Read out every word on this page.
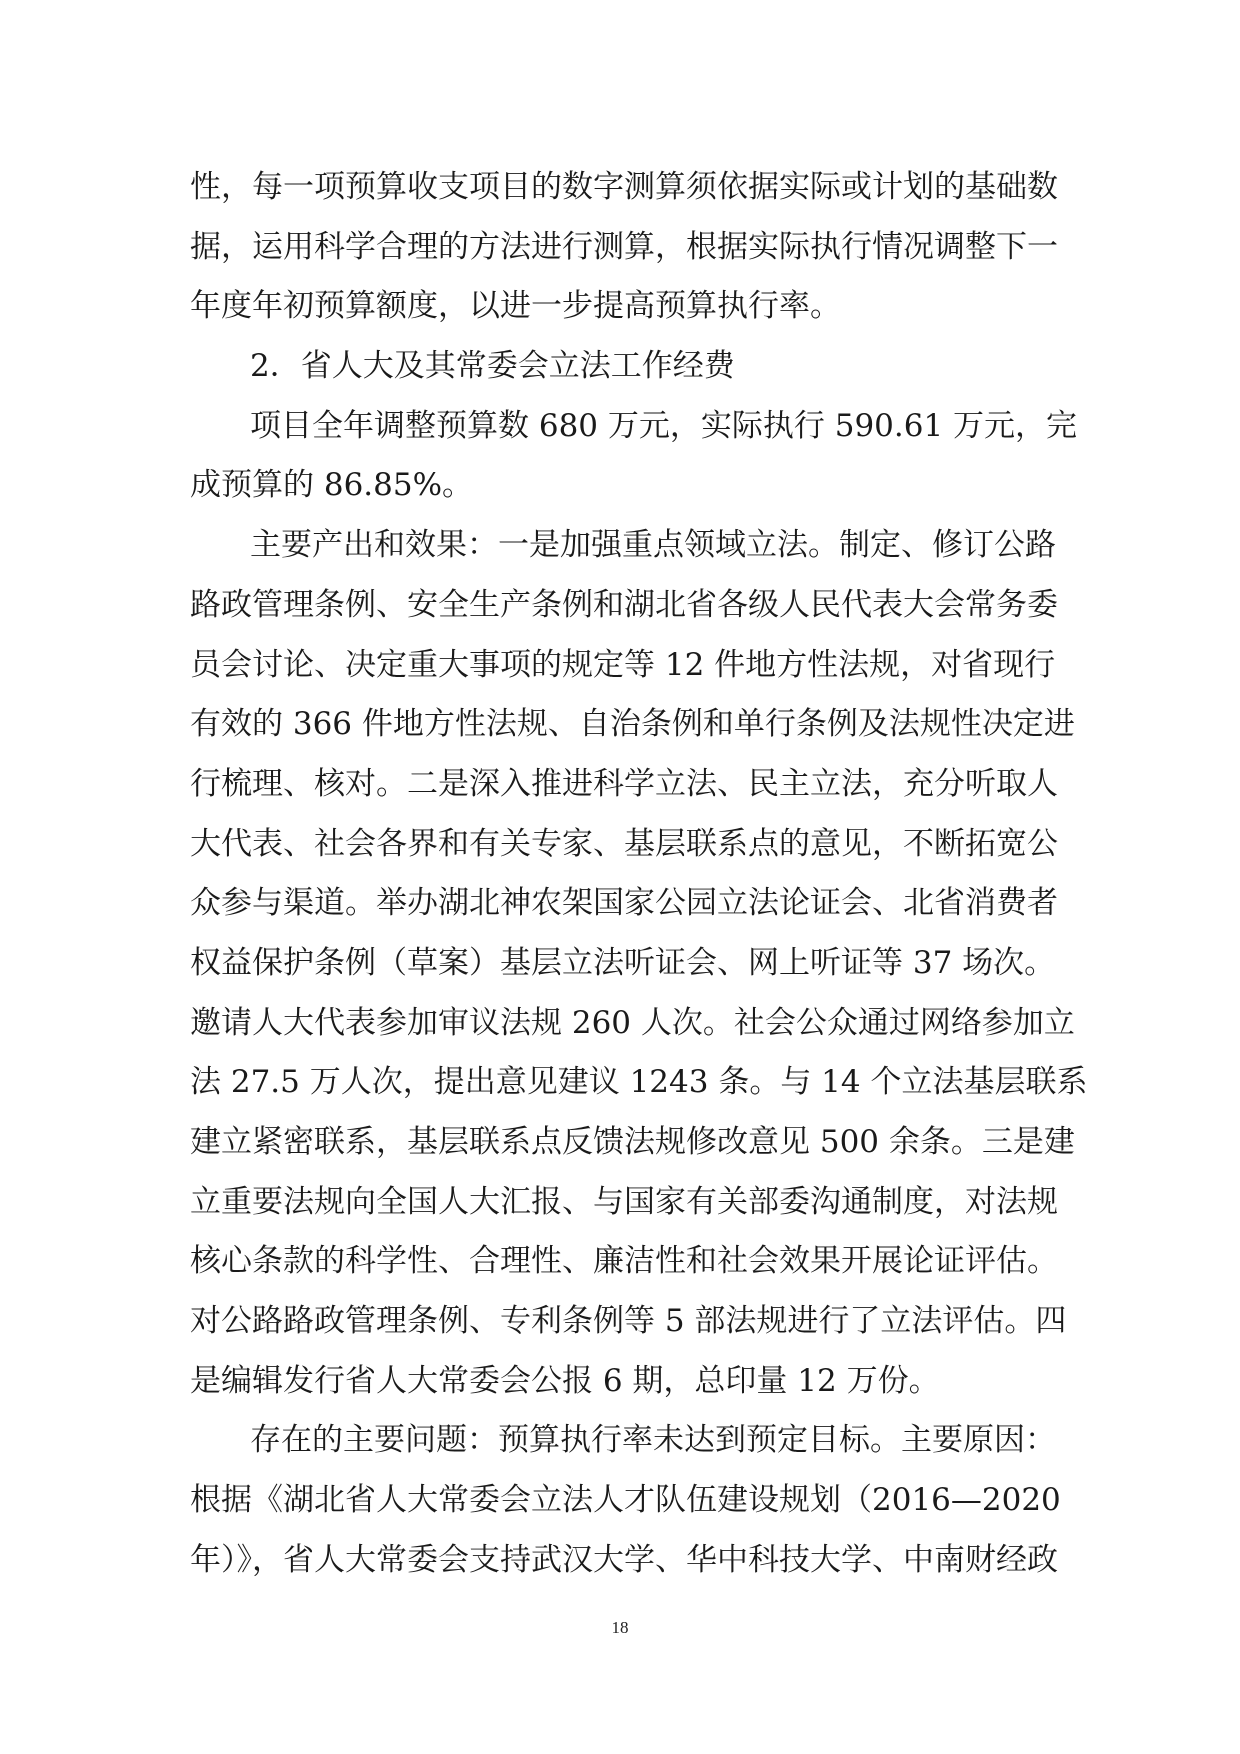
性，每一项预算收支项目的数字测算须依据实际或计划的基础数
据，运用科学合理的方法进行测算，根据实际执行情况调整下一
年度年初预算额度，以进一步提高预算执行率。
2．省人大及其常委会立法工作经费
项目全年调整预算数 680 万元，实际执行 590.61 万元，完
成预算的 86.85%。
主要产出和效果：一是加强重点领域立法。制定、修订公路
路政管理条例、安全生产条例和湖北省各级人民代表大会常务委
员会讨论、决定重大事项的规定等 12 件地方性法规，对省现行
有效的 366 件地方性法规、自治条例和单行条例及法规性决定进
行梳理、核对。二是深入推进科学立法、民主立法，充分听取人
大代表、社会各界和有关专家、基层联系点的意见，不断拓宽公
众参与渠道。举办湖北神农架国家公园立法论证会、北省消费者
权益保护条例（草案）基层立法听证会、网上听证等 37 场次。
邀请人大代表参加审议法规 260 人次。社会公众通过网络参加立
法 27.5 万人次，提出意见建议 1243 条。与 14 个立法基层联系
建立紧密联系，基层联系点反馈法规修改意见 500 余条。三是建
立重要法规向全国人大汇报、与国家有关部委沟通制度，对法规
核心条款的科学性、合理性、廉洁性和社会效果开展论证评估。
对公路路政管理条例、专利条例等 5 部法规进行了立法评估。四
是编辑发行省人大常委会公报 6 期，总印量 12 万份。
存在的主要问题：预算执行率未达到预定目标。主要原因：
根据《湖北省人大常委会立法人才队伍建设规划（2016—2020
年）》，省人大常委会支持武汉大学、华中科技大学、中南财经政
18
